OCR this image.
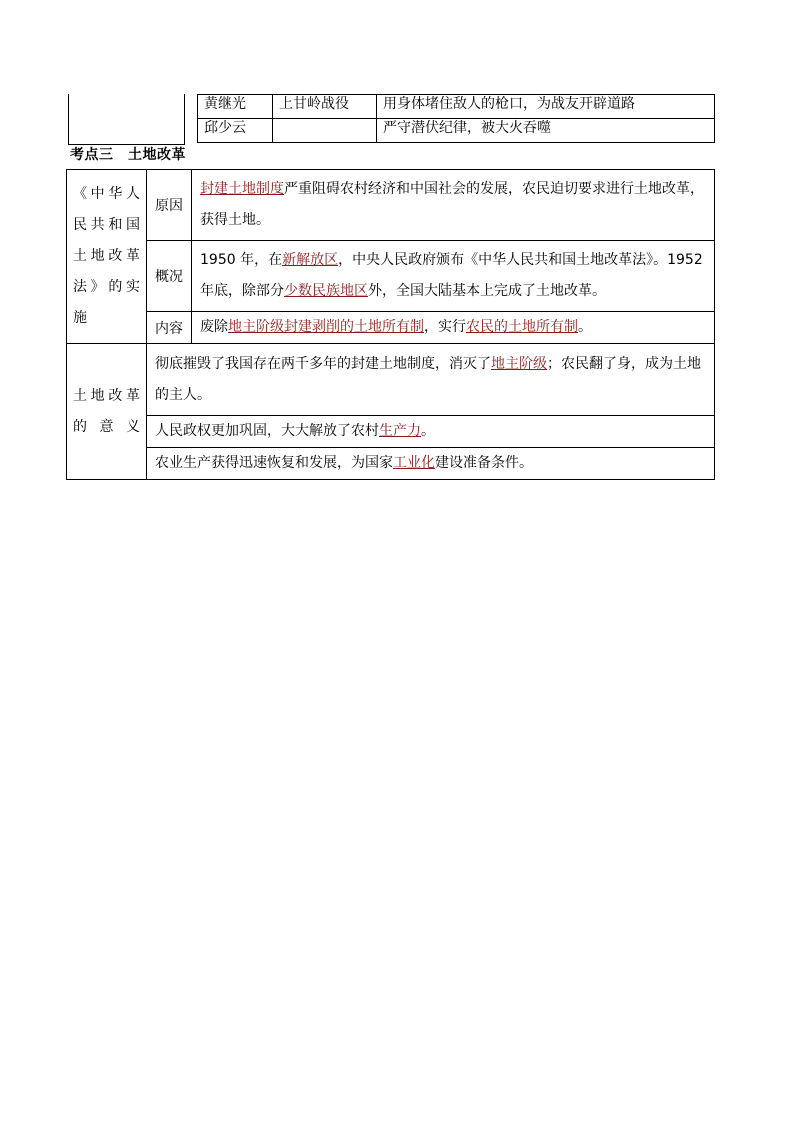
黄继光	上甘岭战役	用身体堵住敌人的枪口，为战友开辟道路
邱少云		严守潜伏纪律，被大火吞噬
考点三　土地改革
《中华人民共和国土地改革法》的实施	原因	封建土地制度严重阻碍农村经济和中国社会的发展，农民迫切要求进行土地改革，获得土地。
	概况	1950 年，在新解放区，中央人民政府颁布《中华人民共和国土地改革法》。1952 年底，除部分少数民族地区外，全国大陆基本上完成了土地改革。
	内容	废除地主阶级封建剥削的土地所有制，实行农民的土地所有制。
土地改革的意义	彻底摧毁了我国存在两千多年的封建土地制度，消灭了地主阶级；农民翻了身，成为土地的主人。	
	人民政权更加巩固，大大解放了农村生产力。	
	农业生产获得迅速恢复和发展，为国家工业化建设准备条件。	
